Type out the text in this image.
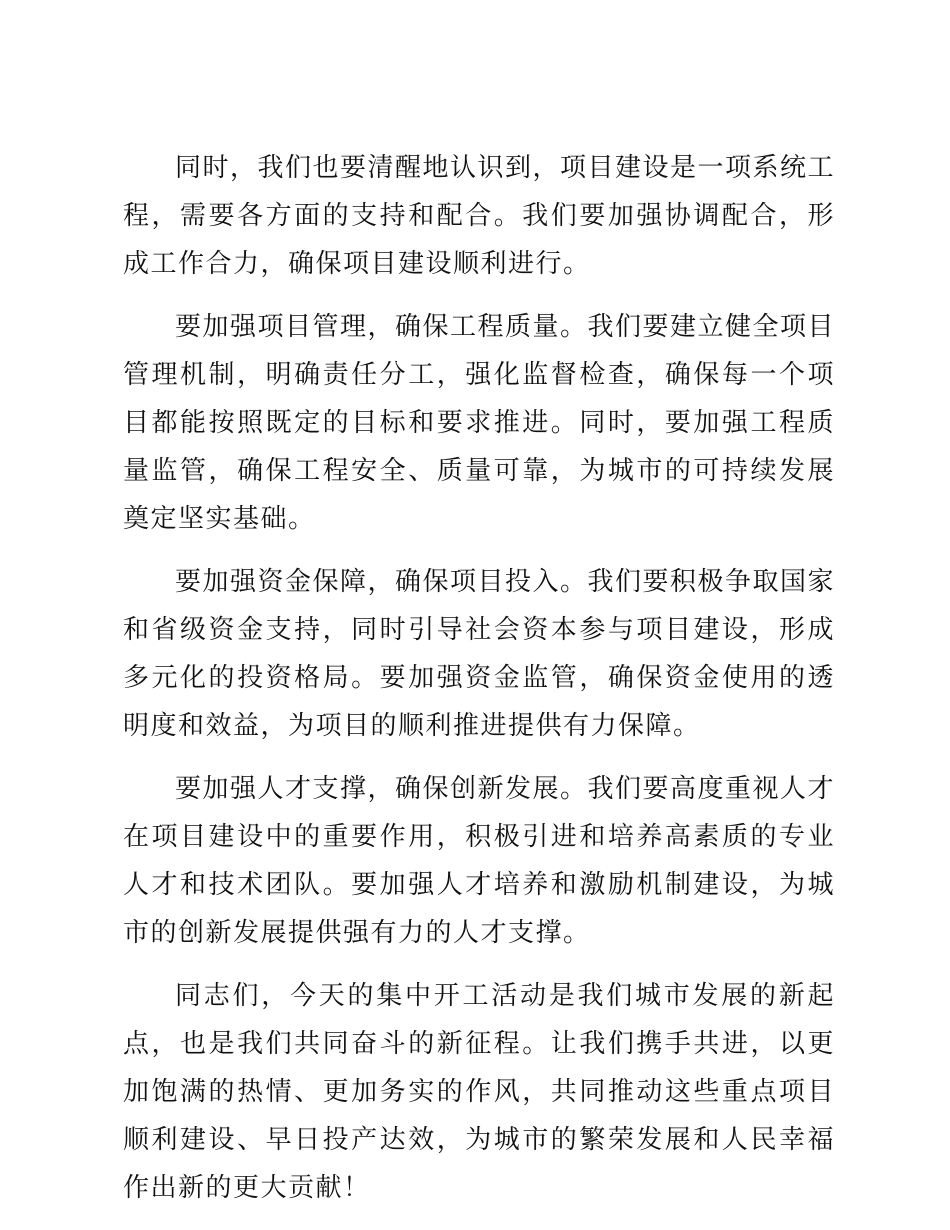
同时，我们也要清醒地认识到，项目建设是一项系统工程，需要各方面的支持和配合。我们要加强协调配合，形成工作合力，确保项目建设顺利进行。

要加强项目管理，确保工程质量。我们要建立健全项目管理机制，明确责任分工，强化监督检查，确保每一个项目都能按照既定的目标和要求推进。同时，要加强工程质量监管，确保工程安全、质量可靠，为城市的可持续发展奠定坚实基础。

要加强资金保障，确保项目投入。我们要积极争取国家和省级资金支持，同时引导社会资本参与项目建设，形成多元化的投资格局。要加强资金监管，确保资金使用的透明度和效益，为项目的顺利推进提供有力保障。

要加强人才支撑，确保创新发展。我们要高度重视人才在项目建设中的重要作用，积极引进和培养高素质的专业人才和技术团队。要加强人才培养和激励机制建设，为城市的创新发展提供强有力的人才支撑。

同志们，今天的集中开工活动是我们城市发展的新起点，也是我们共同奋斗的新征程。让我们携手共进，以更加饱满的热情、更加务实的作风，共同推动这些重点项目顺利建设、早日投产达效，为城市的繁荣发展和人民幸福作出新的更大贡献！
